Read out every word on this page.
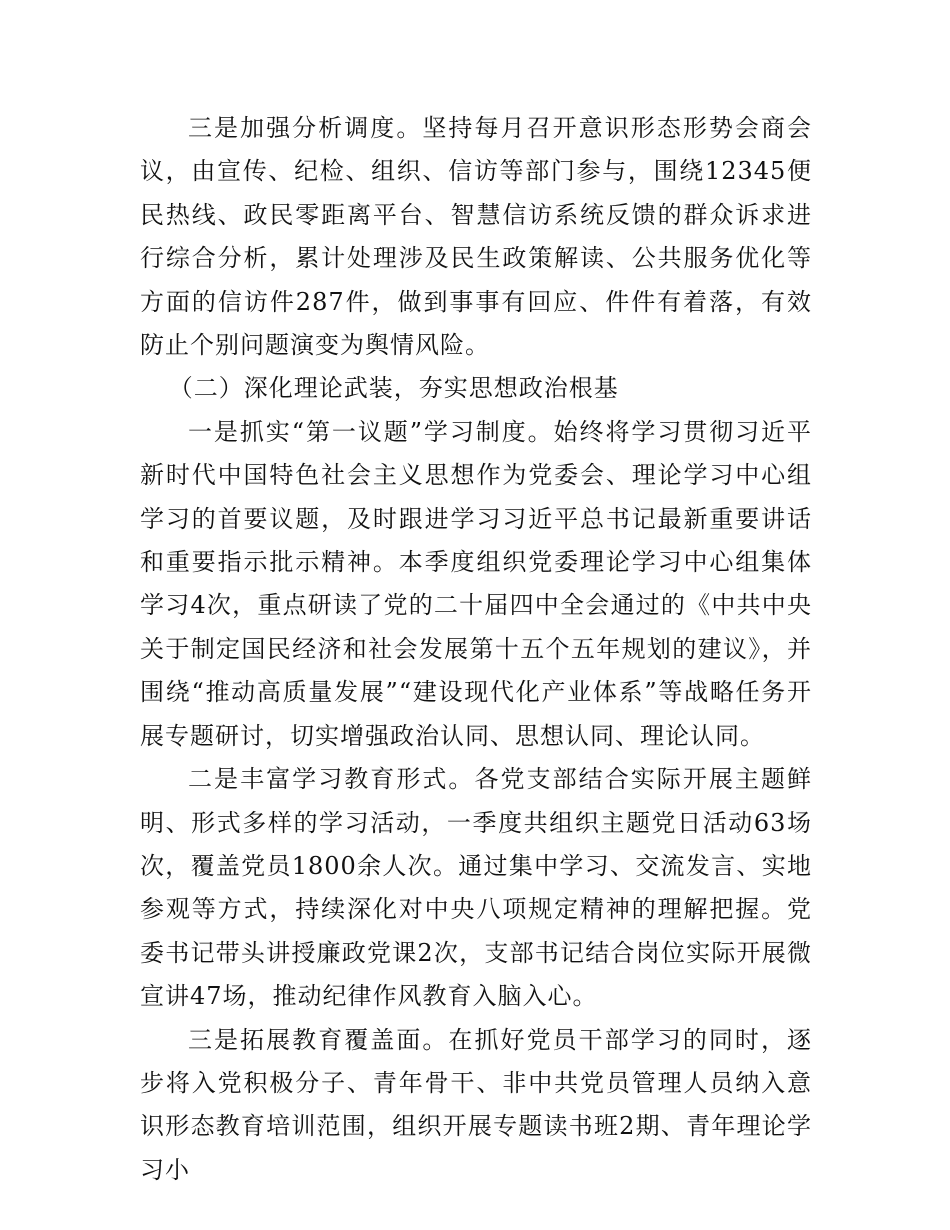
三是加强分析调度。坚持每月召开意识形态形势会商会议，由宣传、纪检、组织、信访等部门参与，围绕12345便民热线、政民零距离平台、智慧信访系统反馈的群众诉求进行综合分析，累计处理涉及民生政策解读、公共服务优化等方面的信访件287件，做到事事有回应、件件有着落，有效防止个别问题演变为舆情风险。

（二）深化理论武装，夯实思想政治根基

一是抓实“第一议题”学习制度。始终将学习贯彻习近平新时代中国特色社会主义思想作为党委会、理论学习中心组学习的首要议题，及时跟进学习习近平总书记最新重要讲话和重要指示批示精神。本季度组织党委理论学习中心组集体学习4次，重点研读了党的二十届四中全会通过的《中共中央关于制定国民经济和社会发展第十五个五年规划的建议》，并围绕“推动高质量发展”“建设现代化产业体系”等战略任务开展专题研讨，切实增强政治认同、思想认同、理论认同。

二是丰富学习教育形式。各党支部结合实际开展主题鲜明、形式多样的学习活动，一季度共组织主题党日活动63场次，覆盖党员1800余人次。通过集中学习、交流发言、实地参观等方式，持续深化对中央八项规定精神的理解把握。党委书记带头讲授廉政党课2次，支部书记结合岗位实际开展微宣讲47场，推动纪律作风教育入脑入心。

三是拓展教育覆盖面。在抓好党员干部学习的同时，逐步将入党积极分子、青年骨干、非中共党员管理人员纳入意识形态教育培训范围，组织开展专题读书班2期、青年理论学习小
